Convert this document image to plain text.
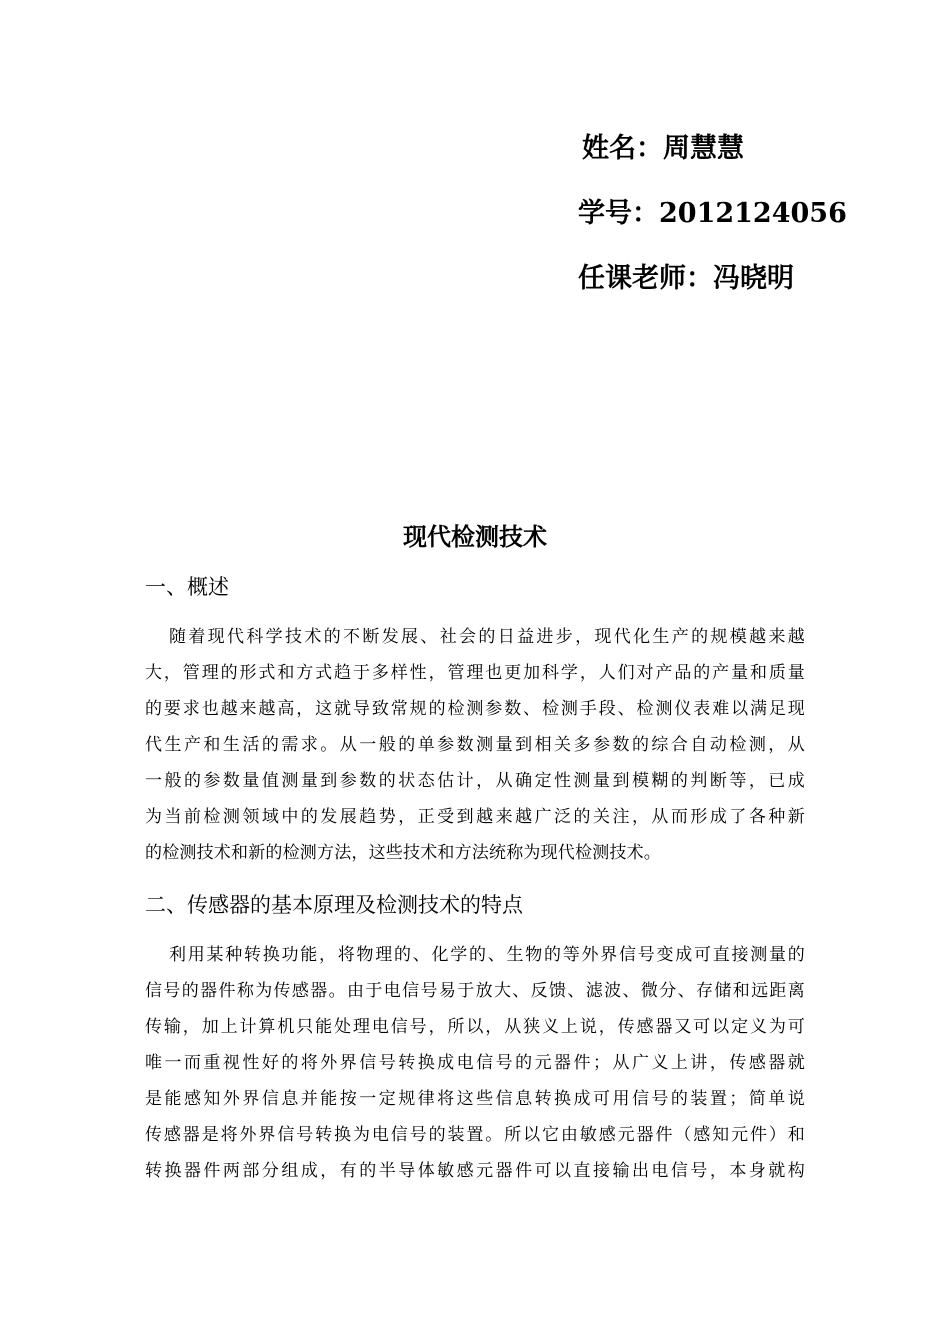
姓名：周慧慧
学号：2012124056
任课老师：冯晓明
现代检测技术
一、概述
随着现代科学技术的不断发展、社会的日益进步，现代化生产的规模越来越
大，管理的形式和方式趋于多样性，管理也更加科学，人们对产品的产量和质量
的要求也越来越高，这就导致常规的检测参数、检测手段、检测仪表难以满足现
代生产和生活的需求。从一般的单参数测量到相关多参数的综合自动检测，从
一般的参数量值测量到参数的状态估计，从确定性测量到模糊的判断等，已成
为当前检测领域中的发展趋势，正受到越来越广泛的关注，从而形成了各种新
的检测技术和新的检测方法，这些技术和方法统称为现代检测技术。
二、传感器的基本原理及检测技术的特点
利用某种转换功能，将物理的、化学的、生物的等外界信号变成可直接测量的
信号的器件称为传感器。由于电信号易于放大、反馈、滤波、微分、存储和远距离
传输，加上计算机只能处理电信号，所以，从狭义上说，传感器又可以定义为可
唯一而重视性好的将外界信号转换成电信号的元器件；从广义上讲，传感器就
是能感知外界信息并能按一定规律将这些信息转换成可用信号的装置；简单说
传感器是将外界信号转换为电信号的装置。所以它由敏感元器件（感知元件）和
转换器件两部分组成，有的半导体敏感元器件可以直接输出电信号，本身就构
